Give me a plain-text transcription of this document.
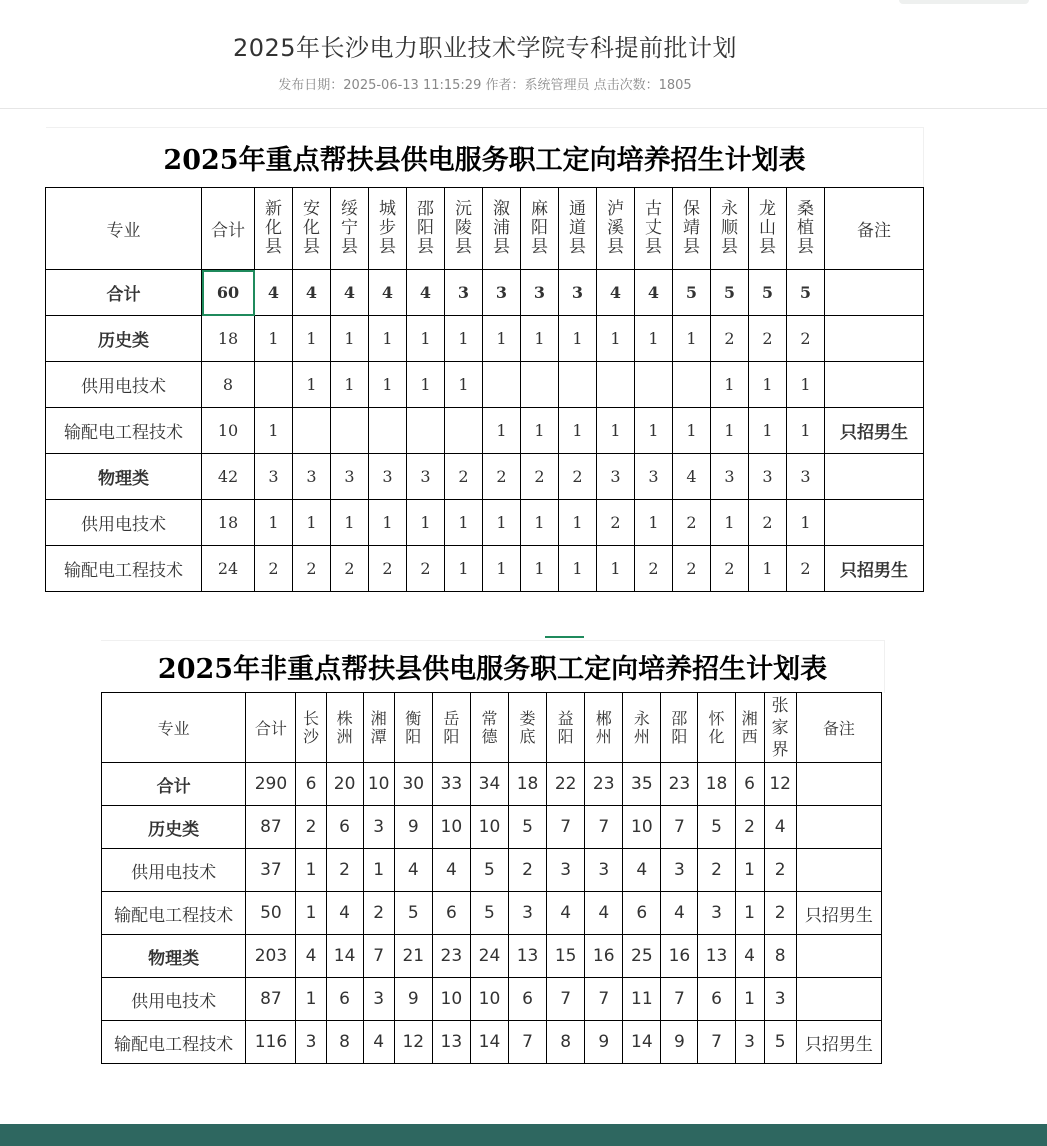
2025年长沙电力职业技术学院专科提前批计划
发布日期：2025-06-13 11:15:29 作者：系统管理员 点击次数：1805
2025年重点帮扶县供电服务职工定向培养招生计划表
专业	合计	新
化
县	安
化
县	绥
宁
县	城
步
县	邵
阳
县	沅
陵
县	溆
浦
县	麻
阳
县	通
道
县	泸
溪
县	古
丈
县	保
靖
县	永
顺
县	龙
山
县	桑
植
县	备注
合计	60	4	4	4	4	4	3	3	3	3	4	4	5	5	5	5	
历史类	18	1	1	1	1	1	1	1	1	1	1	1	1	2	2	2	
供用电技术	8		1	1	1	1	1							1	1	1	
输配电工程技术	10	1						1	1	1	1	1	1	1	1	1	只招男生
物理类	42	3	3	3	3	3	2	2	2	2	3	3	4	3	3	3	
供用电技术	18	1	1	1	1	1	1	1	1	1	2	1	2	1	2	1	
输配电工程技术	24	2	2	2	2	2	1	1	1	1	1	2	2	2	1	2	只招男生
2025年非重点帮扶县供电服务职工定向培养招生计划表
专业	合计	长
沙	株
洲	湘
潭	衡
阳	岳
阳	常
德	娄
底	益
阳	郴
州	永
州	邵
阳	怀
化	湘
西	张
家
界	备注
合计	290	6	20	10	30	33	34	18	22	23	35	23	18	6	12	
历史类	87	2	6	3	9	10	10	5	7	7	10	7	5	2	4	
供用电技术	37	1	2	1	4	4	5	2	3	3	4	3	2	1	2	
输配电工程技术	50	1	4	2	5	6	5	3	4	4	6	4	3	1	2	只招男生
物理类	203	4	14	7	21	23	24	13	15	16	25	16	13	4	8	
供用电技术	87	1	6	3	9	10	10	6	7	7	11	7	6	1	3	
输配电工程技术	116	3	8	4	12	13	14	7	8	9	14	9	7	3	5	只招男生
